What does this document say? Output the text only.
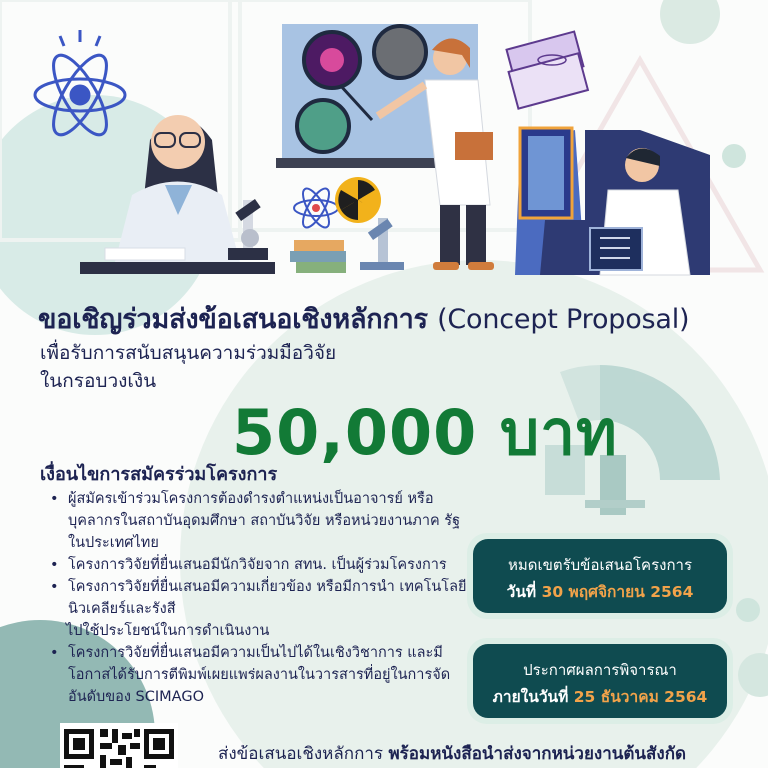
ขอเชิญร่วมส่งข้อเสนอเชิงหลักการ (Concept Proposal)
เพื่อรับการสนับสนุนความร่วมมือวิจัย
ในกรอบวงเงิน
50,000 บาท
เงื่อนไขการสมัครร่วมโครงการ
• ผู้สมัครเข้าร่วมโครงการต้องดำรงตำแหน่งเป็นอาจารย์ หรือ บุคลากรในสถาบันอุดมศึกษา สถาบันวิจัย หรือหน่วยงานภาค รัฐในประเทศไทย
• โครงการวิจัยที่ยื่นเสนอมีนักวิจัยจาก สทน. เป็นผู้ร่วมโครงการ
• โครงการวิจัยที่ยื่นเสนอมีความเกี่ยวข้อง หรือมีการนำ เทคโนโลยีนิวเคลียร์และรังสี
ไปใช้ประโยชน์ในการดำเนินงาน
• โครงการวิจัยที่ยื่นเสนอมีความเป็นไปได้ในเชิงวิชาการ และมี โอกาสได้รับการตีพิมพ์เผยแพร่ผลงานในวารสารที่อยู่ในการจัด อันดับของ SCIMAGO
หมดเขตรับข้อเสนอโครงการ
วันที่ 30 พฤศจิกายน 2564
ประกาศผลการพิจารณา
ภายในวันที่ 25 ธันวาคม 2564
ส่งข้อเสนอเชิงหลักการ พร้อมหนังสือนำส่งจากหน่วยงานต้นสังกัด
